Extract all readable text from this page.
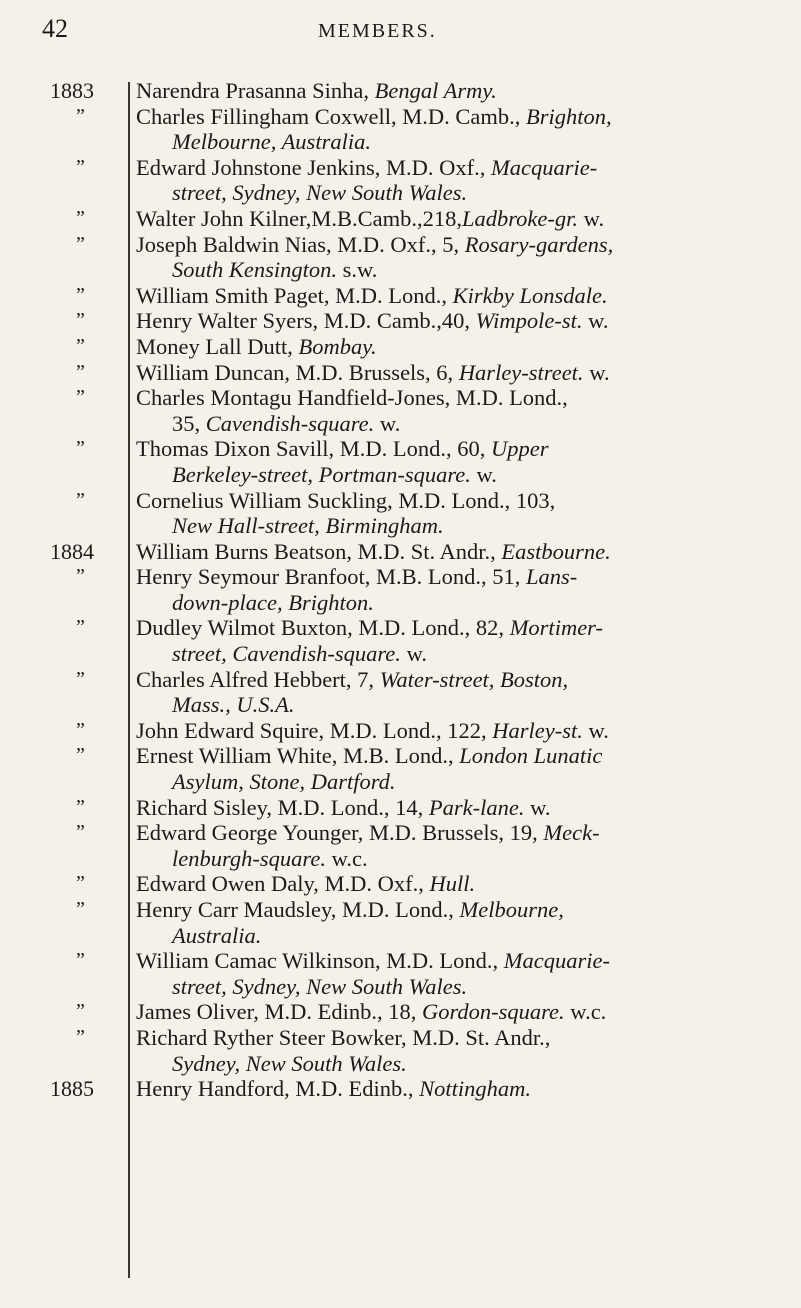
42	MEMBERS.
1883
”
”
”
”
”
”
”
”
”
”
”
1884
”
”
”
”
”
”
”
”
”
”
”
”
1885
Narendra Prasanna Sinha, Bengal Army.
Charles Fillingham Coxwell, M.D. Camb., Brighton,
Melbourne, Australia.
Edward Johnstone Jenkins, M.D. Oxf., Macquarie-
street, Sydney, New South Wales.
Walter John Kilner,M.B.Camb.,218,Ladbroke-gr. w.
Joseph Baldwin Nias, M.D. Oxf., 5, Rosary-gardens,
South Kensington. s.w.
William Smith Paget, M.D. Lond., Kirkby Lonsdale.
Henry Walter Syers, M.D. Camb.,40, Wimpole-st. w.
Money Lall Dutt, Bombay.
William Duncan, M.D. Brussels, 6, Harley-street. w.
Charles Montagu Handfield-Jones, M.D. Lond.,
35, Cavendish-square. w.
Thomas Dixon Savill, M.D. Lond., 60, Upper
Berkeley-street, Portman-square. w.
Cornelius William Suckling, M.D. Lond., 103,
New Hall-street, Birmingham.
William Burns Beatson, M.D. St. Andr., Eastbourne.
Henry Seymour Branfoot, M.B. Lond., 51, Lans-
down-place, Brighton.
Dudley Wilmot Buxton, M.D. Lond., 82, Mortimer-
street, Cavendish-square. w.
Charles Alfred Hebbert, 7, Water-street, Boston,
Mass., U.S.A.
John Edward Squire, M.D. Lond., 122, Harley-st. w.
Ernest William White, M.B. Lond., London Lunatic
Asylum, Stone, Dartford.
Richard Sisley, M.D. Lond., 14, Park-lane. w.
Edward George Younger, M.D. Brussels, 19, Meck-
lenburgh-square. w.c.
Edward Owen Daly, M.D. Oxf., Hull.
Henry Carr Maudsley, M.D. Lond., Melbourne,
Australia.
William Camac Wilkinson, M.D. Lond., Macquarie-
street, Sydney, New South Wales.
James Oliver, M.D. Edinb., 18, Gordon-square. w.c.
Richard Ryther Steer Bowker, M.D. St. Andr.,
Sydney, New South Wales.
Henry Handford, M.D. Edinb., Nottingham.
